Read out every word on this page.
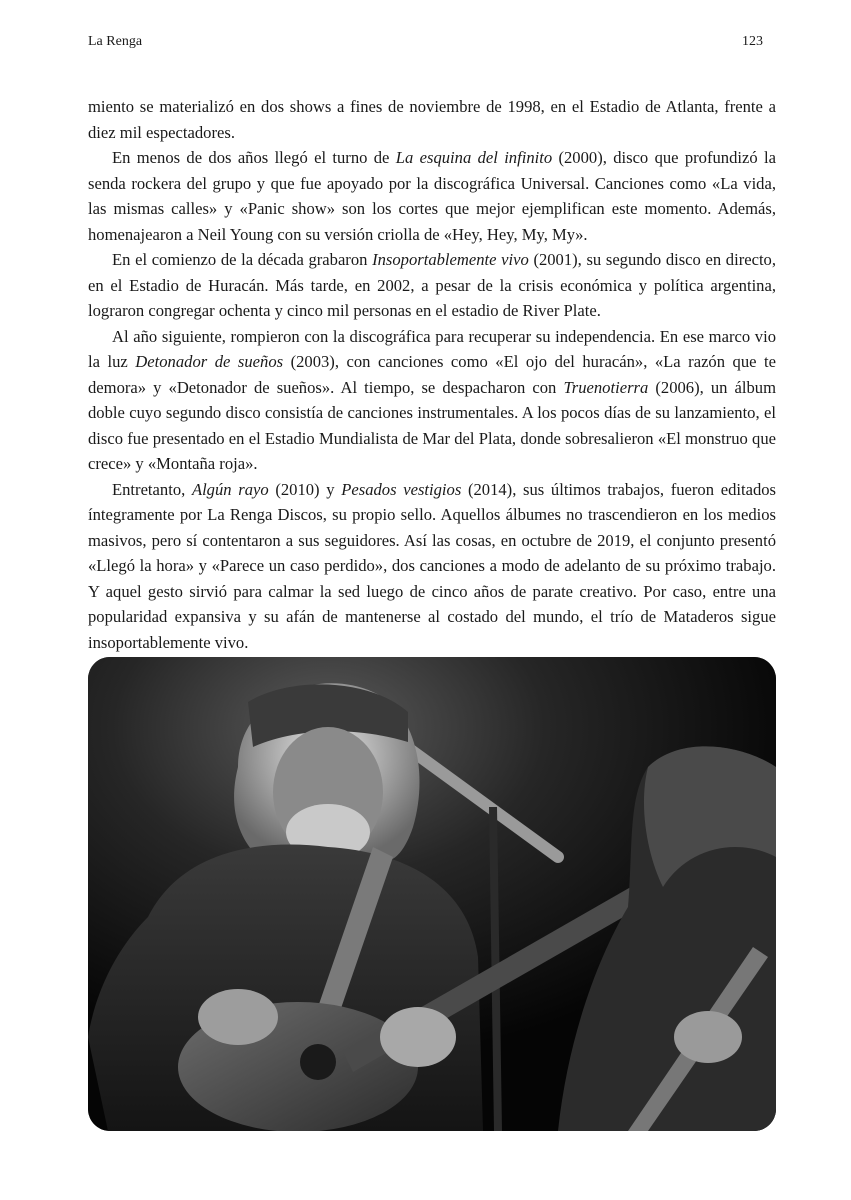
La Renga	123

miento se materializó en dos shows a fines de noviembre de 1998, en el Estadio de Atlanta, frente a diez mil espectadores.

En menos de dos años llegó el turno de La esquina del infinito (2000), disco que profundizó la senda rockera del grupo y que fue apoyado por la discográfica Universal. Canciones como «La vida, las mismas calles» y «Panic show» son los cortes que mejor ejemplifican este momento. Además, homenajearon a Neil Young con su versión criolla de «Hey, Hey, My, My».

En el comienzo de la década grabaron Insoportablemente vivo (2001), su segundo disco en directo, en el Estadio de Huracán. Más tarde, en 2002, a pesar de la crisis económica y política argentina, lograron congregar ochenta y cinco mil personas en el estadio de River Plate.

Al año siguiente, rompieron con la discográfica para recuperar su independencia. En ese marco vio la luz Detonador de sueños (2003), con canciones como «El ojo del huracán», «La razón que te demora» y «Detonador de sueños». Al tiempo, se despacharon con Truenotierra (2006), un álbum doble cuyo segundo disco consistía de canciones instrumentales. A los pocos días de su lanzamiento, el disco fue presentado en el Estadio Mundialista de Mar del Plata, donde sobresalieron «El monstruo que crece» y «Montaña roja».

Entretanto, Algún rayo (2010) y Pesados vestigios (2014), sus últimos trabajos, fueron editados íntegramente por La Renga Discos, su propio sello. Aquellos álbumes no trascendieron en los medios masivos, pero sí contentaron a sus seguidores. Así las cosas, en octubre de 2019, el conjunto presentó «Llegó la hora» y «Parece un caso perdido», dos canciones a modo de adelanto de su próximo trabajo. Y aquel gesto sirvió para calmar la sed luego de cinco años de parate creativo. Por caso, entre una popularidad expansiva y su afán de mantenerse al costado del mundo, el trío de Mataderos sigue insoportablemente vivo.
